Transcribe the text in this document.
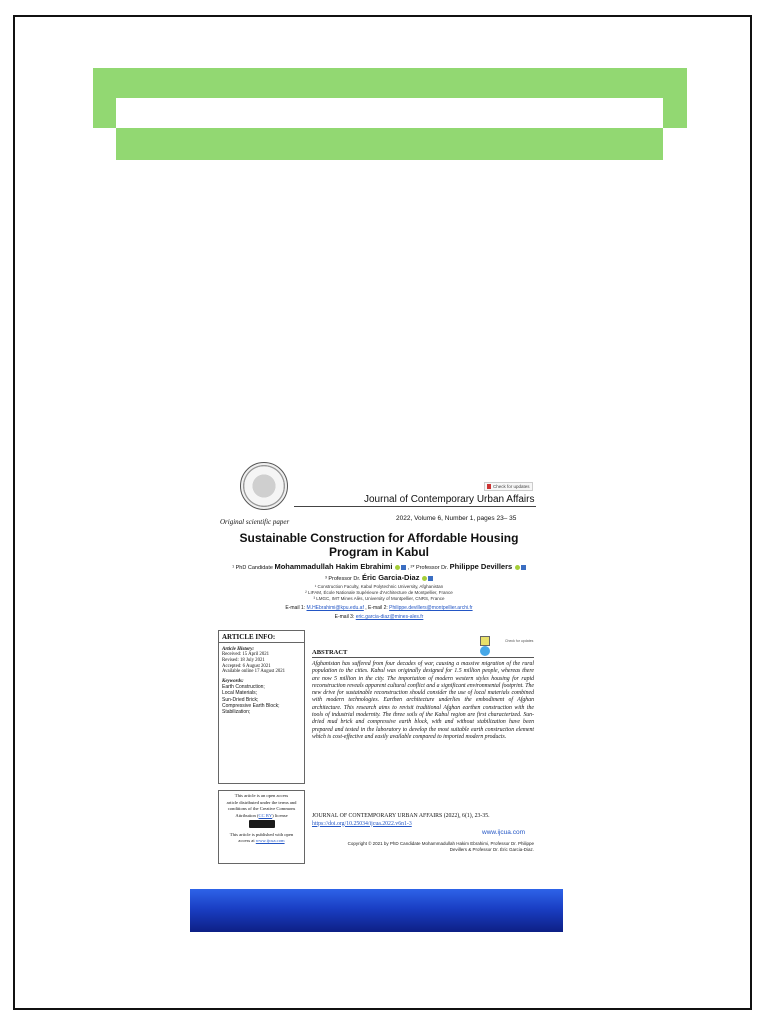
Check for updates
Journal of Contemporary Urban Affairs
2022, Volume 6, Number 1, pages 23– 35
Original scientific paper
Sustainable Construction for Affordable Housing Program in Kabul
¹ PhD Candidate Mohammadullah Hakim Ebrahimi	, ²* Professor Dr. Philippe Devillers
³ Professor Dr. Éric Garcia-Diaz
¹ Construction Faculty, Kabul Polytechnic University, Afghanistan
² LIFAM, École Nationale Supérieure d'Architecture de Montpellier, France
³ LMGC, IMT Mines Alès, University of Montpellier, CNRS, France
E-mail 1: M.HEbrahimi@kpu.edu.af , E-mail 2: Philippe.devillers@montpellier.archi.fr
E-mail 3: eric.garcia-diaz@mines-ales.fr
ARTICLE INFO:
Article History:
Received: 15 April 2021
Revised: 18 July 2021
Accepted: 6 August 2021
Available online 17 August 2021
Keywords:
Earth Construction;
Local Materials;
Sun-Dried Brick;
Compressive Earth Block;
Stabilization;
Check for updates
ABSTRACT
Afghanistan has suffered from four decades of war, causing a massive migration of the rural population to the cities. Kabul was originally designed for 1.5 million people, whereas there are now 5 million in the city. The importation of modern western styles housing for rapid reconstruction reveals apparent cultural conflict and a significant environmental footprint. The new drive for sustainable reconstruction should consider the use of local materials combined with modern technologies. Earthen architecture underlies the embodiment of Afghan architecture. This research aims to revisit traditional Afghan earthen construction with the tools of industrial modernity. The three soils of the Kabul region are first characterized. Sun-dried mud brick and compressive earth block, with and without stabilization have been prepared and tested in the laboratory to develop the most suitable earth construction element which is cost-effective and easily available compared to imported modern products.
This article is an open access
article distributed under the terms and
conditions of the Creative Commons
Attribution (CC BY) license
This article is published with open
access at www.ijcua.com
JOURNAL OF CONTEMPORARY URBAN AFFAIRS (2022), 6(1), 23-35.
https://doi.org/10.25034/ijcua.2022.v6n1-3
www.ijcua.com
Copyright © 2021 by PhD Candidate Mohammadullah Hakim Ebrahimi, Professor Dr. Philippe Devillers & Professor Dr. Éric Garcia-Diaz.
